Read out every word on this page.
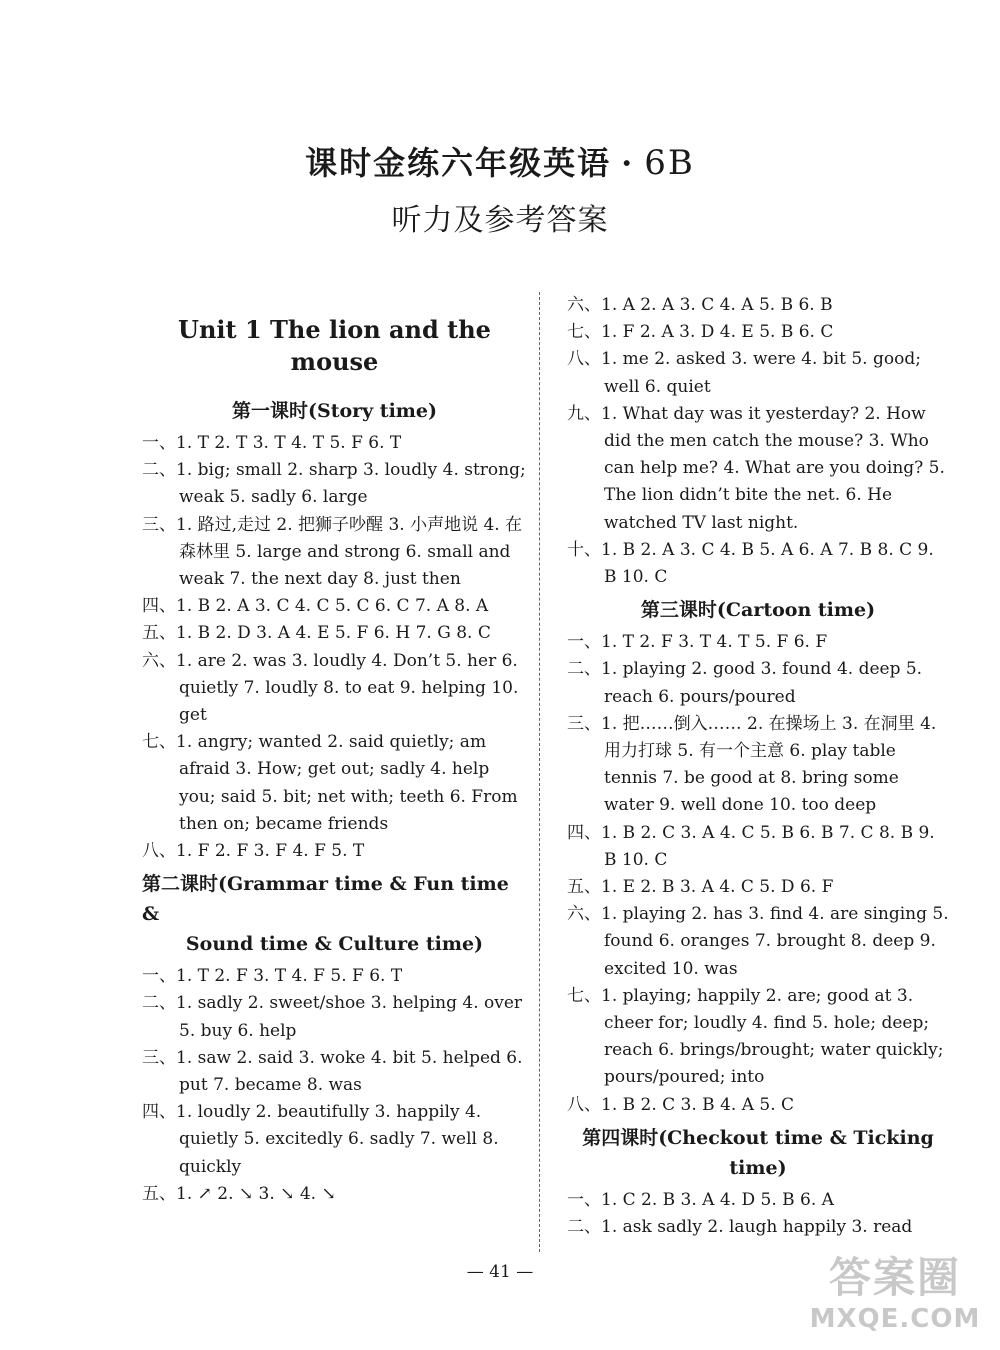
课时金练六年级英语 · 6B
听力及参考答案
Unit 1 The lion and the mouse
第一课时(Story time)
一、1. T 2. T 3. T 4. T 5. F 6. T
二、1. big; small 2. sharp 3. loudly 4. strong; weak 5. sadly 6. large
三、1. 路过,走过 2. 把狮子吵醒 3. 小声地说 4. 在森林里 5. large and strong 6. small and weak 7. the next day 8. just then
四、1. B 2. A 3. C 4. C 5. C 6. C 7. A 8. A
五、1. B 2. D 3. A 4. E 5. F 6. H 7. G 8. C
六、1. are 2. was 3. loudly 4. Don’t 5. her 6. quietly 7. loudly 8. to eat 9. helping 10. get
七、1. angry; wanted 2. said quietly; am afraid 3. How; get out; sadly 4. help you; said 5. bit; net with; teeth 6. From then on; became friends
八、1. F 2. F 3. F 4. F 5. T
第二课时(Grammar time & Fun time &
Sound time & Culture time)
一、1. T 2. F 3. T 4. F 5. F 6. T
二、1. sadly 2. sweet/shoe 3. helping 4. over 5. buy 6. help
三、1. saw 2. said 3. woke 4. bit 5. helped 6. put 7. became 8. was
四、1. loudly 2. beautifully 3. happily 4. quietly 5. excitedly 6. sadly 7. well 8. quickly
五、1. ↗ 2. ↘ 3. ↘ 4. ↘
六、1. A 2. A 3. C 4. A 5. B 6. B
七、1. F 2. A 3. D 4. E 5. B 6. C
八、1. me 2. asked 3. were 4. bit 5. good; well 6. quiet
九、1. What day was it yesterday? 2. How did the men catch the mouse? 3. Who can help me? 4. What are you doing? 5. The lion didn’t bite the net. 6. He watched TV last night.
十、1. B 2. A 3. C 4. B 5. A 6. A 7. B 8. C 9. B 10. C
第三课时(Cartoon time)
一、1. T 2. F 3. T 4. T 5. F 6. F
二、1. playing 2. good 3. found 4. deep 5. reach 6. pours/poured
三、1. 把……倒入…… 2. 在操场上 3. 在洞里 4. 用力打球 5. 有一个主意 6. play table tennis 7. be good at 8. bring some water 9. well done 10. too deep
四、1. B 2. C 3. A 4. C 5. B 6. B 7. C 8. B 9. B 10. C
五、1. E 2. B 3. A 4. C 5. D 6. F
六、1. playing 2. has 3. find 4. are singing 5. found 6. oranges 7. brought 8. deep 9. excited 10. was
七、1. playing; happily 2. are; good at 3. cheer for; loudly 4. find 5. hole; deep; reach 6. brings/brought; water quickly; pours/poured; into
八、1. B 2. C 3. B 4. A 5. C
第四课时(Checkout time & Ticking time)
一、1. C 2. B 3. A 4. D 5. B 6. A
二、1. ask sadly 2. laugh happily 3. read
— 41 —	答案圈
MXQE.COM
